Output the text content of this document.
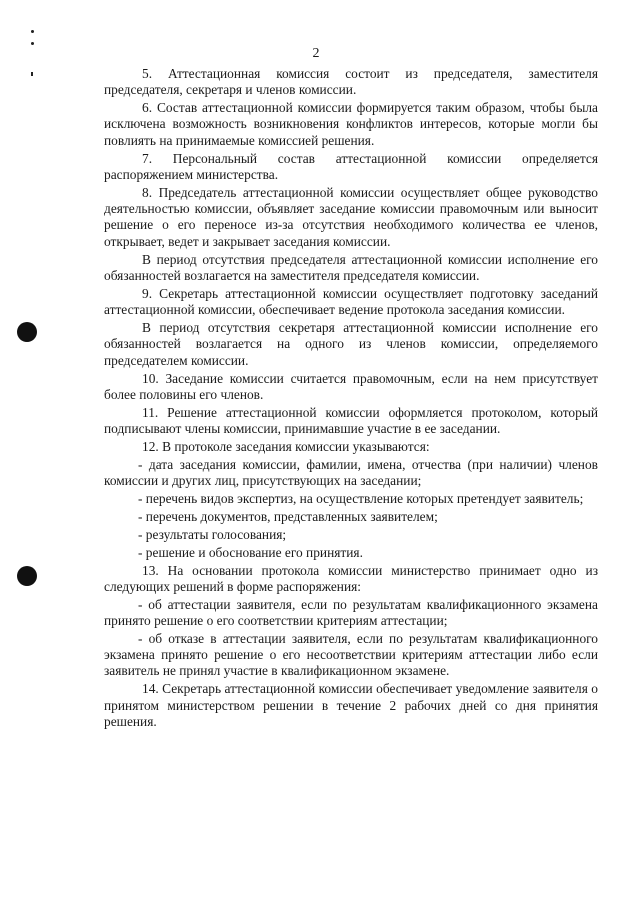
2

5. Аттестационная комиссия состоит из председателя, заместителя председателя, секретаря и членов комиссии.

6. Состав аттестационной комиссии формируется таким образом, чтобы была исключена возможность возникновения конфликтов интересов, которые могли бы повлиять на принимаемые комиссией решения.

7. Персональный состав аттестационной комиссии определяется распоряжением министерства.

8. Председатель аттестационной комиссии осуществляет общее руководство деятельностью комиссии, объявляет заседание комиссии правомочным или выносит решение о его переносе из-за отсутствия необходимого количества ее членов, открывает, ведет и закрывает заседания комиссии.

В период отсутствия председателя аттестационной комиссии исполнение его обязанностей возлагается на заместителя председателя комиссии.

9. Секретарь аттестационной комиссии осуществляет подготовку заседаний аттестационной комиссии, обеспечивает ведение протокола заседания комиссии.

В период отсутствия секретаря аттестационной комиссии исполнение его обязанностей возлагается на одного из членов комиссии, определяемого председателем комиссии.

10. Заседание комиссии считается правомочным, если на нем присутствует более половины его членов.

11. Решение аттестационной комиссии оформляется протоколом, который подписывают члены комиссии, принимавшие участие в ее заседании.

12. В протоколе заседания комиссии указываются:

- дата заседания комиссии, фамилии, имена, отчества (при наличии) членов комиссии и других лиц, присутствующих на заседании;

- перечень видов экспертиз, на осуществление которых претендует заявитель;

- перечень документов, представленных заявителем;

- результаты голосования;

- решение и обоснование его принятия.

13. На основании протокола комиссии министерство принимает одно из следующих решений в форме распоряжения:

- об аттестации заявителя, если по результатам квалификационного экзамена принято решение о его соответствии критериям аттестации;

- об отказе в аттестации заявителя, если по результатам квалификационного экзамена принято решение о его несоответствии критериям аттестации либо если заявитель не принял участие в квалификационном экзамене.

14. Секретарь аттестационной комиссии обеспечивает уведомление заявителя о принятом министерством решении в течение 2 рабочих дней со дня принятия решения.
